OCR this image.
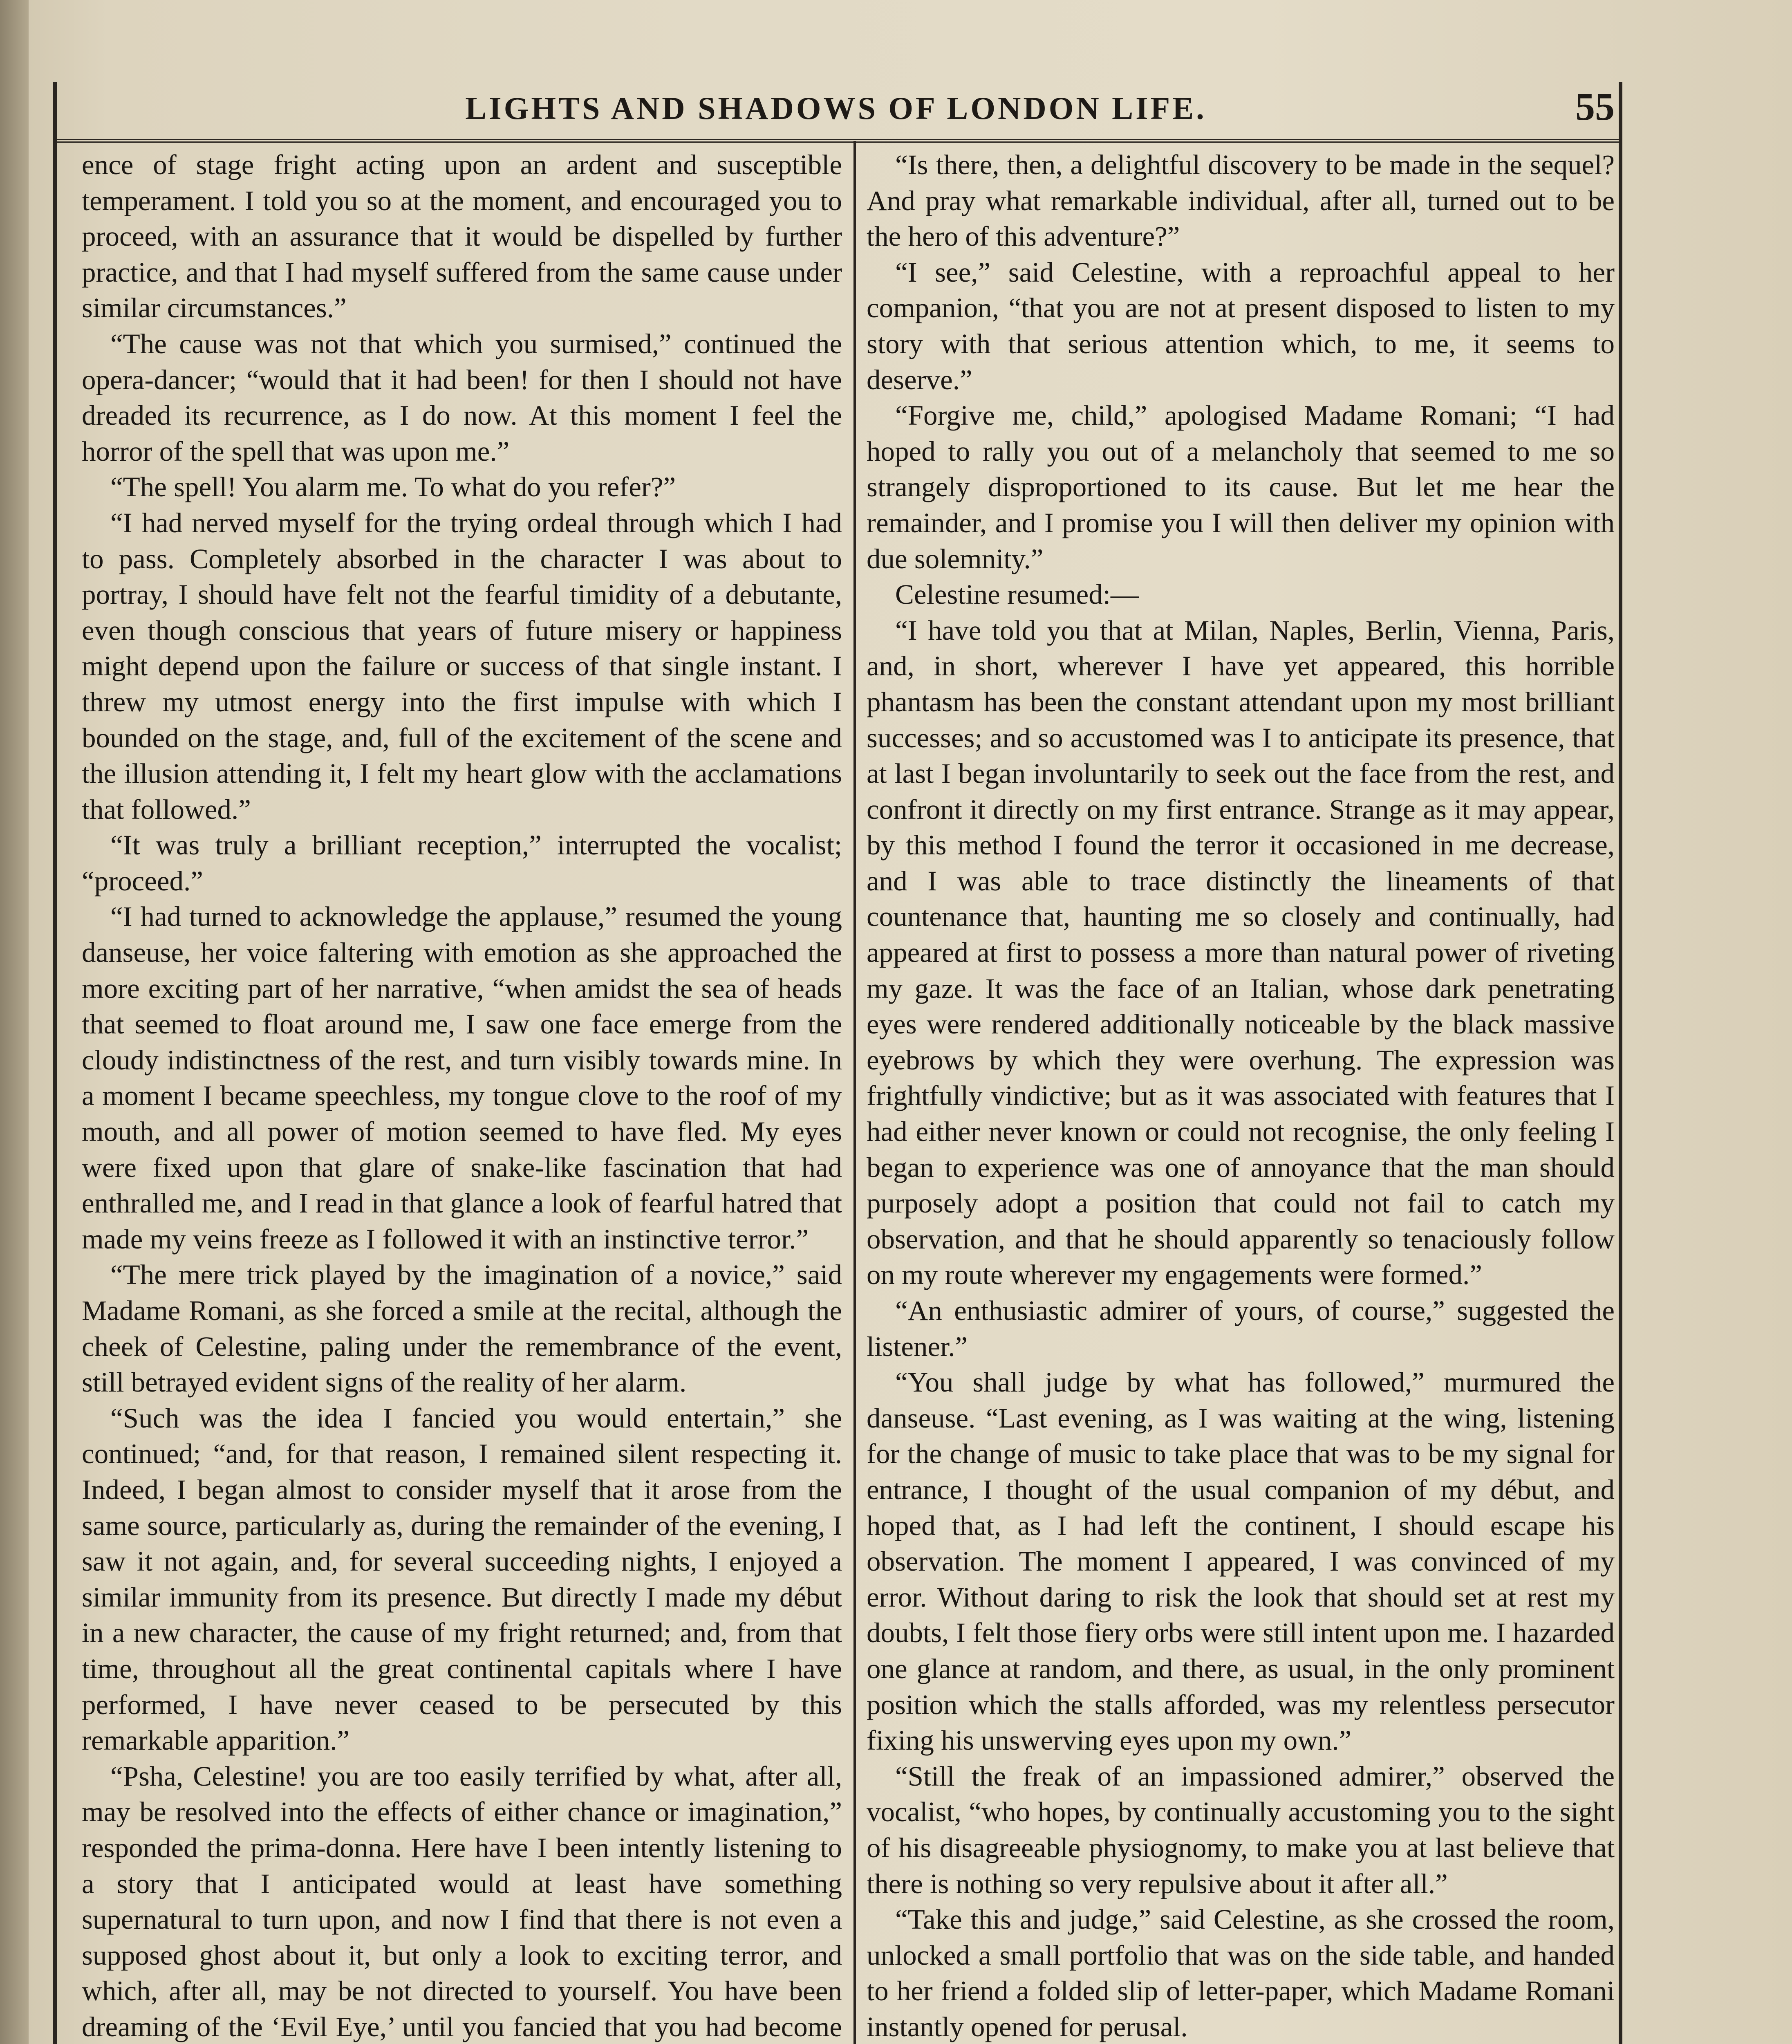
LIGHTS AND SHADOWS OF LONDON LIFE.	55

ence of stage fright acting upon an ardent and susceptible temperament. I told you so at the moment, and encouraged you to proceed, with an assurance that it would be dispelled by further practice, and that I had myself suffered from the same cause under similar circumstances.”

“The cause was not that which you surmised,” continued the opera-dancer; “would that it had been! for then I should not have dreaded its recurrence, as I do now. At this moment I feel the horror of the spell that was upon me.”

“The spell! You alarm me. To what do you refer?”

“I had nerved myself for the trying ordeal through which I had to pass. Completely absorbed in the character I was about to portray, I should have felt not the fearful timidity of a debutante, even though conscious that years of future misery or happiness might depend upon the failure or success of that single instant. I threw my utmost energy into the first impulse with which I bounded on the stage, and, full of the excitement of the scene and the illusion attending it, I felt my heart glow with the acclamations that followed.”

“It was truly a brilliant reception,” interrupted the vocalist; “proceed.”

“I had turned to acknowledge the applause,” resumed the young danseuse, her voice faltering with emotion as she approached the more exciting part of her narrative, “when amidst the sea of heads that seemed to float around me, I saw one face emerge from the cloudy indistinctness of the rest, and turn visibly towards mine. In a moment I became speechless, my tongue clove to the roof of my mouth, and all power of motion seemed to have fled. My eyes were fixed upon that glare of snake-like fascination that had enthralled me, and I read in that glance a look of fearful hatred that made my veins freeze as I followed it with an instinctive terror.”

“The mere trick played by the imagination of a novice,” said Madame Romani, as she forced a smile at the recital, although the cheek of Celestine, paling under the remembrance of the event, still betrayed evident signs of the reality of her alarm.

“Such was the idea I fancied you would entertain,” she continued; “and, for that reason, I remained silent respecting it. Indeed, I began almost to consider myself that it arose from the same source, particularly as, during the remainder of the evening, I saw it not again, and, for several succeeding nights, I enjoyed a similar immunity from its presence. But directly I made my début in a new character, the cause of my fright returned; and, from that time, throughout all the great continental capitals where I have performed, I have never ceased to be persecuted by this remarkable apparition.”

“Psha, Celestine! you are too easily terrified by what, after all, may be resolved into the effects of either chance or imagination,” responded the prima-donna. Here have I been intently listening to a story that I anticipated would at least have something supernatural to turn upon, and now I find that there is not even a supposed ghost about it, but only a look to exciting terror, and which, after all, may be not directed to yourself. You have been dreaming of the ‘Evil Eye,’ until you fancied that you had become

“Is there, then, a delightful discovery to be made in the sequel? And pray what remarkable individual, after all, turned out to be the hero of this adventure?”

“I see,” said Celestine, with a reproachful appeal to her companion, “that you are not at present disposed to listen to my story with that serious attention which, to me, it seems to deserve.”

“Forgive me, child,” apologised Madame Romani; “I had hoped to rally you out of a melancholy that seemed to me so strangely disproportioned to its cause. But let me hear the remainder, and I promise you I will then deliver my opinion with due solemnity.”

Celestine resumed:—

“I have told you that at Milan, Naples, Berlin, Vienna, Paris, and, in short, wherever I have yet appeared, this horrible phantasm has been the constant attendant upon my most brilliant successes; and so accustomed was I to anticipate its presence, that at last I began involuntarily to seek out the face from the rest, and confront it directly on my first entrance. Strange as it may appear, by this method I found the terror it occasioned in me decrease, and I was able to trace distinctly the lineaments of that countenance that, haunting me so closely and continually, had appeared at first to possess a more than natural power of riveting my gaze. It was the face of an Italian, whose dark penetrating eyes were rendered additionally noticeable by the black massive eyebrows by which they were overhung. The expression was frightfully vindictive; but as it was associated with features that I had either never known or could not recognise, the only feeling I began to experience was one of annoyance that the man should purposely adopt a position that could not fail to catch my observation, and that he should apparently so tenaciously follow on my route wherever my engagements were formed.”

“An enthusiastic admirer of yours, of course,” suggested the listener.”

“You shall judge by what has followed,” murmured the danseuse. “Last evening, as I was waiting at the wing, listening for the change of music to take place that was to be my signal for entrance, I thought of the usual companion of my début, and hoped that, as I had left the continent, I should escape his observation. The moment I appeared, I was convinced of my error. Without daring to risk the look that should set at rest my doubts, I felt those fiery orbs were still intent upon me. I hazarded one glance at random, and there, as usual, in the only prominent position which the stalls afforded, was my relentless persecutor fixing his unswerving eyes upon my own.”

“Still the freak of an impassioned admirer,” observed the vocalist, “who hopes, by continually accustoming you to the sight of his disagreeable physiognomy, to make you at last believe that there is nothing so very repulsive about it after all.”

“Take this and judge,” said Celestine, as she crossed the room, unlocked a small portfolio that was on the side table, and handed to her friend a folded slip of letter-paper, which Madame Romani instantly opened for perusal.
